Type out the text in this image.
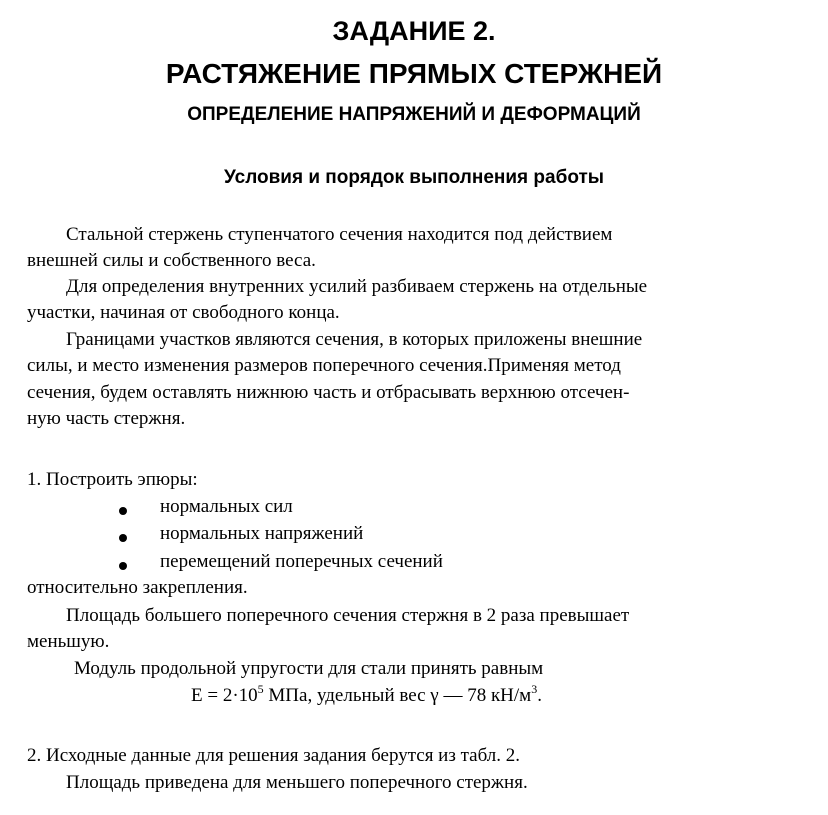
ЗАДАНИЕ 2.
РАСТЯЖЕНИЕ ПРЯМЫХ СТЕРЖНЕЙ
ОПРЕДЕЛЕНИЕ НАПРЯЖЕНИЙ И ДЕФОРМАЦИЙ
Условия и порядок выполнения работы
Стальной стержень ступенчатого сечения находится под действием
внешней силы и собственного веса.
Для определения внутренних усилий разбиваем стержень на отдельные
участки, начиная от свободного конца.
Границами участков являются сечения, в которых приложены внешние
силы, и место изменения размеров поперечного сечения.Применяя метод
сечения, будем оставлять нижнюю часть и отбрасывать верхнюю отсечен-
ную часть стержня.
1. Построить эпюры:
нормальных сил
нормальных напряжений
перемещений поперечных сечений
относительно закрепления.
Площадь большего поперечного сечения стержня в 2 раза превышает
меньшую.
Модуль продольной упругости для стали принять равным
$E = 2\cdot 10^5$ МПа, удельный вес γ — 78 $кН/м^3$.
2. Исходные данные для решения задания берутся из табл. 2.
Площадь приведена для меньшего поперечного стержня.
